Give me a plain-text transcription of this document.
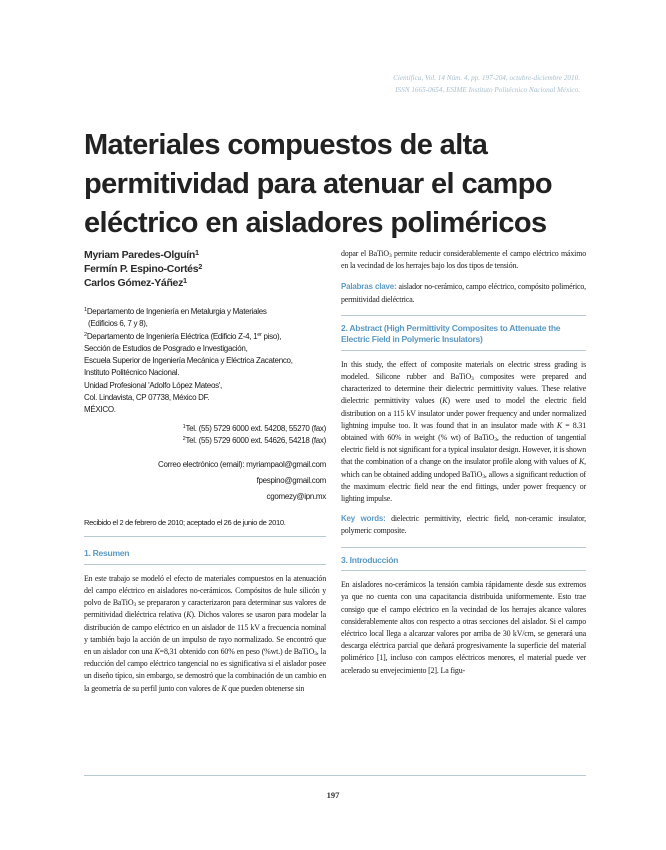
Científica, Vol. 14 Núm. 4, pp. 197-204, octubre-diciembre 2010.
ISSN 1665-0654, ESIME Instituto Politécnico Nacional México.
Materiales compuestos de alta permitividad para atenuar el campo eléctrico en aisladores poliméricos
Myriam Paredes-Olguín$^1$
Fermín P. Espino-Cortés$^2$
Carlos Gómez-Yáñez$^1$
$^1$Departamento de Ingeniería en Metalurgia y Materiales
(Edificios 6, 7 y 8),
$^2$Departamento de Ingeniería Eléctrica (Edificio Z-4, 1er piso),
Sección de Estudios de Posgrado e Investigación,
Escuela Superior de Ingeniería Mecánica y Eléctrica Zacatenco,
Instituto Politécnico Nacional.
Unidad Profesional 'Adolfo López Mateos',
Col. Lindavista, CP 07738, México DF.
MÉXICO.
$^1$Tel. (55) 5729 6000 ext. 54208, 55270 (fax)
$^2$Tel. (55) 5729 6000 ext. 54626, 54218 (fax)
Correo electrónico (email): myriampaol@gmail.com
fpespino@gmail.com
cgomezy@ipn.mx
Recibido el 2 de febrero de 2010; aceptado el 26 de junio de 2010.
1. Resumen

En este trabajo se modeló el efecto de materiales compuestos en la atenuación del campo eléctrico en aisladores no-cerámicos. Compósitos de hule silicón y polvo de BaTiO$_3$ se prepararon y caracterizaron para determinar sus valores de permitividad dieléctrica relativa (K). Dichos valores se usaron para modelar la distribución de campo eléctrico en un aislador de 115 kV a frecuencia nominal y también bajo la acción de un impulso de rayo normalizado. Se encontró que en un aislador con una K=8,31 obtenido con 60% en peso (%wt.) de BaTiO$_3$, la reducción del campo eléctrico tangencial no es significativa si el aislador posee un diseño típico, sin embargo, se demostró que la combinación de un cambio en la geometría de su perfil junto con valores de K que pueden obtenerse sin

dopar el BaTiO$_3$ permite reducir considerablemente el campo eléctrico máximo en la vecindad de los herrajes bajo los dos tipos de tensión.

Palabras clave: aislador no-cerámico, campo eléctrico, compósito polimérico, permitividad dieléctrica.

2. Abstract (High Permittivity Composites to Attenuate the Electric Field in Polymeric Insulators)

In this study, the effect of composite materials on electric stress grading is modeled. Silicone rubber and BaTiO$_3$ composites were prepared and characterized to determine their dielectric permittivity values. These relative dielectric permittivity values (K) were used to model the electric field distribution on a 115 kV insulator under power frequency and under normalized lightning impulse too. It was found that in an insulator made with K = 8.31 obtained with 60% in weight (% wt) of BaTiO$_3$, the reduction of tangential electric field is not significant for a typical insulator design. However, it is shown that the combination of a change on the insulator profile along with values of K, which can be obtained adding undoped BaTiO$_3$, allows a significant reduction of the maximum electric field near the end fittings, under power frequency or lighting impulse.

Key words: dielectric permittivity, electric field, non-ceramic insulator, polymeric composite.

3. Introducción

En aisladores no-cerámicos la tensión cambia rápidamente desde sus extremos ya que no cuenta con una capacitancia distribuida uniformemente. Esto trae consigo que el campo eléctrico en la vecindad de los herrajes alcance valores considerablemente altos con respecto a otras secciones del aislador. Si el campo eléctrico local llega a alcanzar valores por arriba de 30 kV/cm, se generará una descarga eléctrica parcial que deñará progresivamente la superficie del material polimérico [1], incluso con campos eléctricos menores, el material puede ver acelerado su envejecimiento [2]. La figu-

197
